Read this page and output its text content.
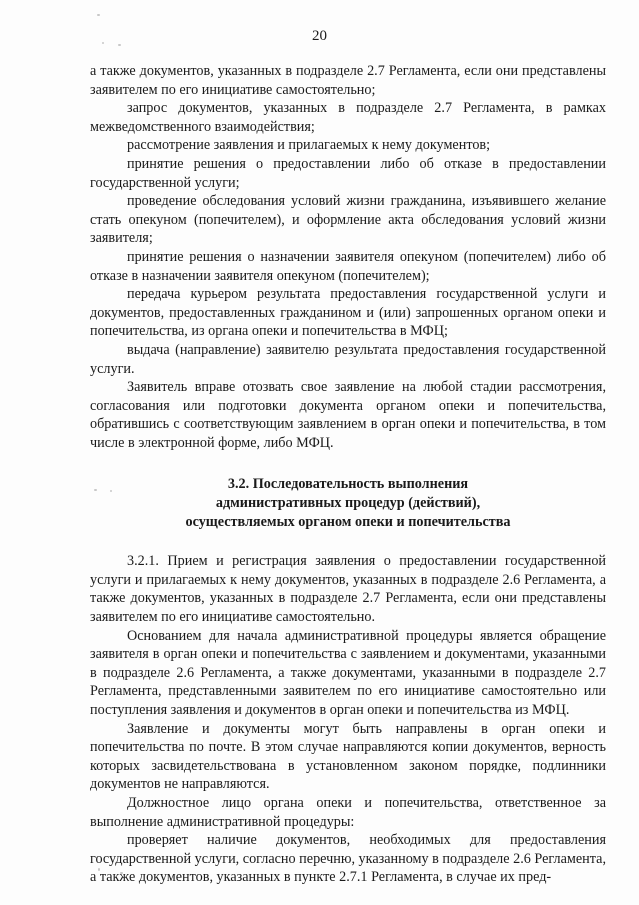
20

а также документов, указанных в подразделе 2.7 Регламента, если они представлены заявителем по его инициативе самостоятельно;

запрос документов, указанных в подразделе 2.7 Регламента, в рамках межведомственного взаимодействия;

рассмотрение заявления и прилагаемых к нему документов;

принятие решения о предоставлении либо об отказе в предоставлении государственной услуги;

проведение обследования условий жизни гражданина, изъявившего желание стать опекуном (попечителем), и оформление акта обследования условий жизни заявителя;

принятие решения о назначении заявителя опекуном (попечителем) либо об отказе в назначении заявителя опекуном (попечителем);

передача курьером результата предоставления государственной услуги и документов, предоставленных гражданином и (или) запрошенных органом опеки и попечительства, из органа опеки и попечительства в МФЦ;

выдача (направление) заявителю результата предоставления государственной услуги.

Заявитель вправе отозвать свое заявление на любой стадии рассмотрения, согласования или подготовки документа органом опеки и попечительства, обратившись с соответствующим заявлением в орган опеки и попечительства, в том числе в электронной форме, либо МФЦ.

3.2. Последовательность выполнения
административных процедур (действий),
осуществляемых органом опеки и попечительства

3.2.1. Прием и регистрация заявления о предоставлении государственной услуги и прилагаемых к нему документов, указанных в подразделе 2.6 Регламента, а также документов, указанных в подразделе 2.7 Регламента, если они представлены заявителем по его инициативе самостоятельно.

Основанием для начала административной процедуры является обращение заявителя в орган опеки и попечительства с заявлением и документами, указанными в подразделе 2.6 Регламента, а также документами, указанными в подразделе 2.7 Регламента, представленными заявителем по его инициативе самостоятельно или поступления заявления и документов в орган опеки и попечительства из МФЦ.

Заявление и документы могут быть направлены в орган опеки и попечительства по почте. В этом случае направляются копии документов, верность которых засвидетельствована в установленном законом порядке, подлинники документов не направляются.

Должностное лицо органа опеки и попечительства, ответственное за выполнение административной процедуры:

проверяет наличие документов, необходимых для предоставления государственной услуги, согласно перечню, указанному в подразделе 2.6 Регламента, а также документов, указанных в пункте 2.7.1 Регламента, в случае их пред-
